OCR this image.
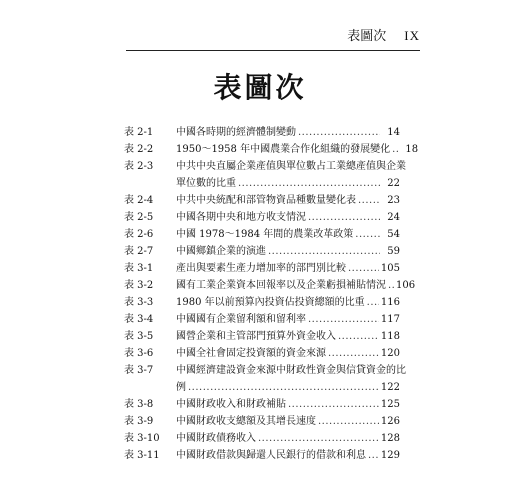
表圖次 IX
表圖次
表 2-1	中國各時期的經濟體制變動 .....	14
表 2-2	1950～1958 年中國農業合作化組織的發展變化 .....	18
表 2-3	中共中央直屬企業產值與單位數占工業總產值與企業
單位數的比重 .....	22
表 2-4	中共中央統配和部管物資品種數量變化表 .....	23
表 2-5	中國各期中央和地方收支情況 .....	24
表 2-6	中國 1978～1984 年間的農業改革政策 .....	54
表 2-7	中國鄉鎮企業的演進 .....	59
表 3-1	產出與要素生產力增加率的部門別比較 .....	105
表 3-2	國有工業企業資本回報率以及企業虧損補貼情況 ..... 106
表 3-3	1980 年以前預算內投資佔投資總額的比重 ..... 116
表 3-4	中國國有企業留利額和留利率 .....	117
表 3-5	國營企業和主管部門預算外資金收入 .....	118
表 3-6	中國全社會固定投資額的資金來源 .....	120
表 3-7	中國經濟建設資金來源中財政性資金與信貸資金的比
例 .....	122
表 3-8	中國財政收入和財政補貼 .....	125
表 3-9	中國財政收支總額及其增長速度 .....	126
表 3-10	中國財政債務收入 .....	128
表 3-11	中國財政借款與歸還人民銀行的借款和利息 ..... 129
